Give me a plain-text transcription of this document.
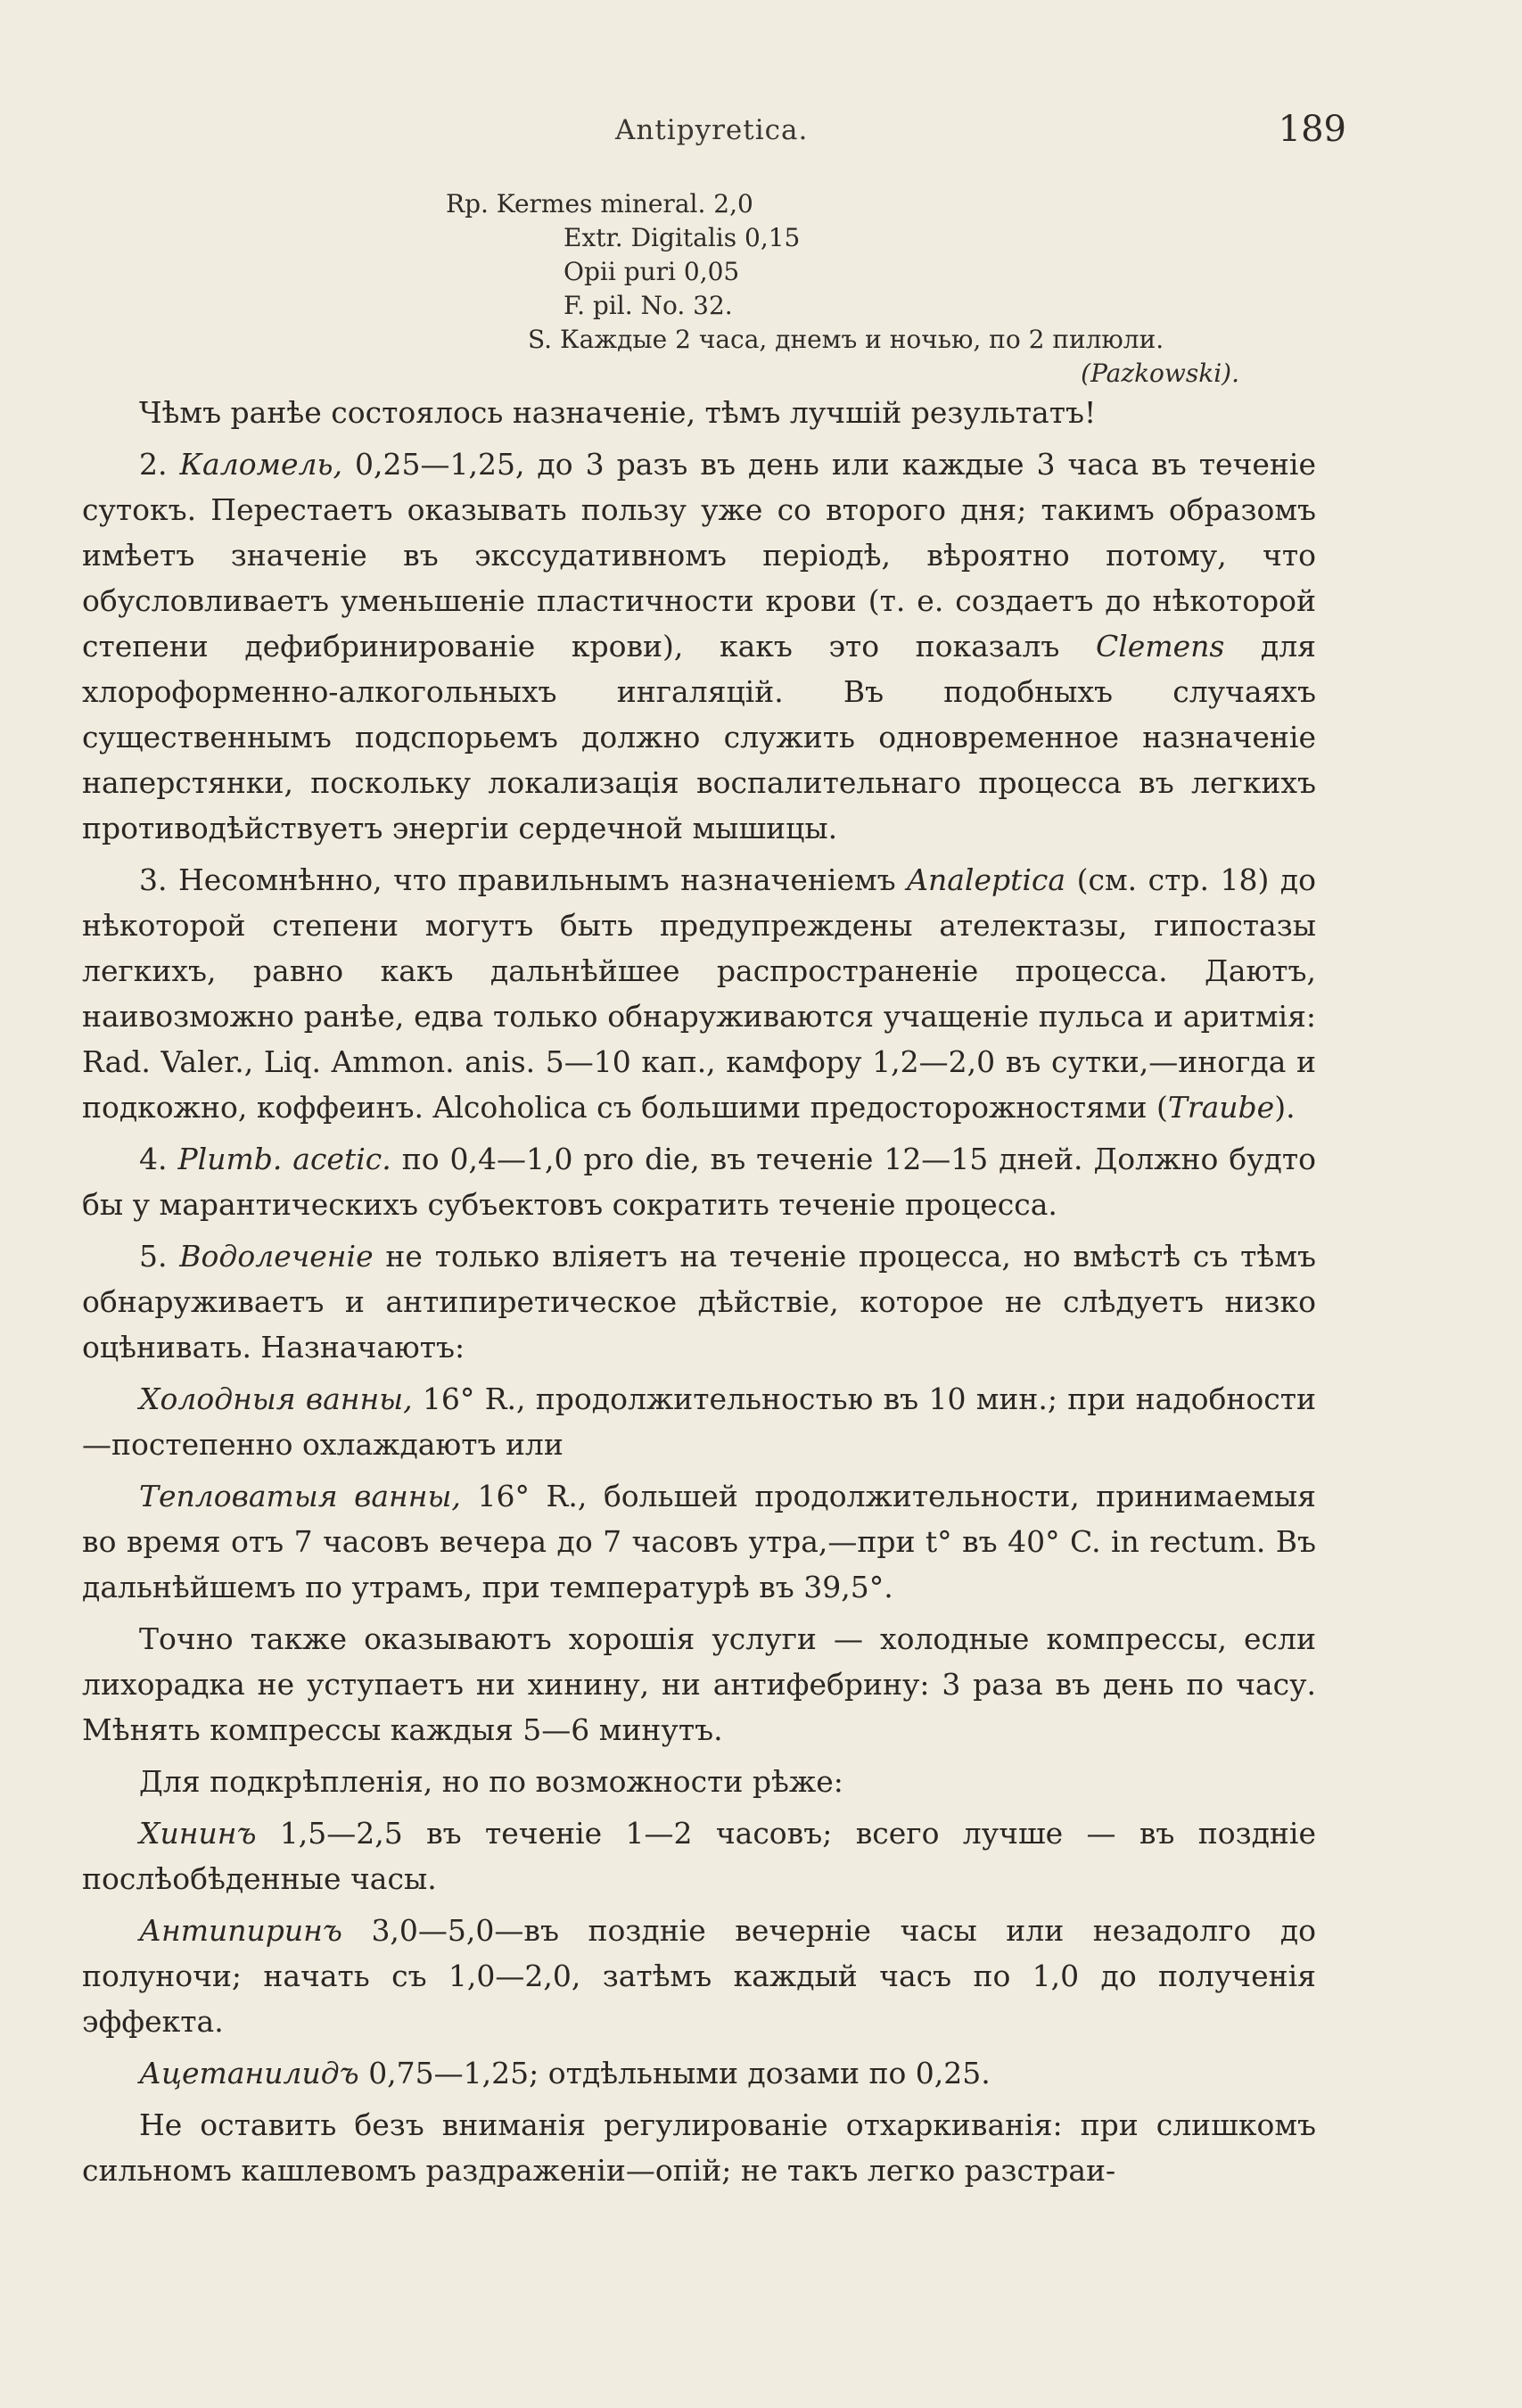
Antipyretica.	189
Rp. Kermes mineral. 2,0
Extr. Digitalis 0,15
Opii puri 0,05
F. pil. No. 32.
S. Каждые 2 часа, днемъ и ночью, по 2 пилюли.
(Pazkowski).

Чѣмъ ранѣе состоялось назначеніе, тѣмъ лучшій результатъ!

2. Каломель, 0,25—1,25, до 3 разъ въ день или каждые 3 часа въ теченіе сутокъ. Перестаетъ оказывать пользу уже со второго дня; такимъ образомъ имѣетъ значеніе въ экссудативномъ періодѣ, вѣроятно потому, что обусловливаетъ уменьшеніе пластичности крови (т. е. создаетъ до нѣкоторой степени дефибринированіе крови), какъ это показалъ Clemens для хлороформенно-алкогольныхъ ингаляцій. Въ подобныхъ случаяхъ существеннымъ подспорьемъ должно служить одновременное назначеніе наперстянки, поскольку локализація воспалительнаго процесса въ легкихъ противодѣйствуетъ энергіи сердечной мышицы.

3. Несомнѣнно, что правильнымъ назначеніемъ Analeptica (см. стр. 18) до нѣкоторой степени могутъ быть предупреждены ателектазы, гипостазы легкихъ, равно какъ дальнѣйшее распространеніе процесса. Даютъ, наивозможно ранѣе, едва только обнаруживаются учащеніе пульса и аритмія: Rad. Valer., Liq. Ammon. anis. 5—10 кап., камфору 1,2—2,0 въ сутки,—иногда и подкожно, коффеинъ. Alcoholica съ большими предосторожностями (Traube).

4. Plumb. acetic. по 0,4—1,0 pro die, въ теченіе 12—15 дней. Должно будто бы у марантическихъ субъектовъ сократить теченіе процесса.

5. Водолеченіе не только вліяетъ на теченіе процесса, но вмѣстѣ съ тѣмъ обнаруживаетъ и антипиретическое дѣйствіе, которое не слѣдуетъ низко оцѣнивать. Назначаютъ:

Холодныя ванны, 16° R., продолжительностью въ 10 мин.; при надобности—постепенно охлаждаютъ или

Тепловатыя ванны, 16° R., большей продолжительности, принимаемыя во время отъ 7 часовъ вечера до 7 часовъ утра,—при t° въ 40° C. in rectum. Въ дальнѣйшемъ по утрамъ, при температурѣ въ 39,5°.

Точно также оказываютъ хорошія услуги — холодные компрессы, если лихорадка не уступаетъ ни хинину, ни антифебрину: 3 раза въ день по часу. Мѣнять компрессы каждыя 5—6 минутъ.

Для подкрѣпленія, но по возможности рѣже:

Хининъ 1,5—2,5 въ теченіе 1—2 часовъ; всего лучше — въ поздніе послѣобѣденные часы.

Антипиринъ 3,0—5,0—въ поздніе вечерніе часы или незадолго до полуночи; начать съ 1,0—2,0, затѣмъ каждый часъ по 1,0 до полученія эффекта.

Ацетанилидъ 0,75—1,25; отдѣльными дозами по 0,25.

Не оставить безъ вниманія регулированіе отхаркиванія: при слишкомъ сильномъ кашлевомъ раздраженіи—опій; не такъ легко разстраи-
